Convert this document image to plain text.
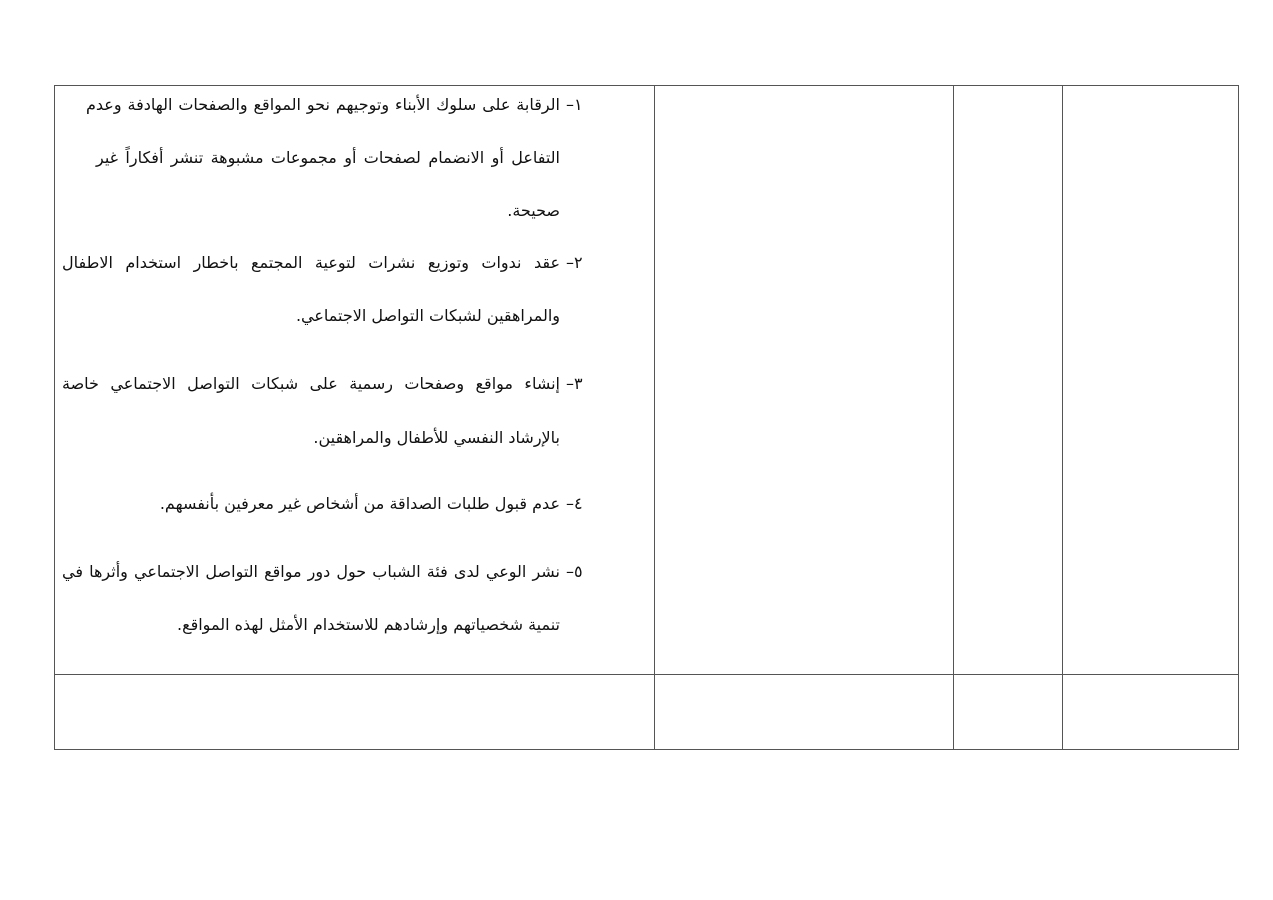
١–
الرقابة على سلوك الأبناء وتوجيهم نحو المواقع والصفحات الهادفة وعدم
التفاعل أو الانضمام لصفحات أو مجموعات مشبوهة تنشر أفكاراً غير
صحيحة.
٢–
عقد ندوات وتوزيع نشرات لتوعية المجتمع باخطار استخدام الاطفال
والمراهقين لشبكات التواصل الاجتماعي.
٣–
إنشاء مواقع وصفحات رسمية على شبكات التواصل الاجتماعي خاصة
بالإرشاد النفسي للأطفال والمراهقين.
٤–
عدم قبول طلبات الصداقة من أشخاص غير معرفين بأنفسهم.
٥–
نشر الوعي لدى فئة الشباب حول دور مواقع التواصل الاجتماعي وأثرها في
تنمية شخصياتهم وإرشادهم للاستخدام الأمثل لهذه المواقع.
